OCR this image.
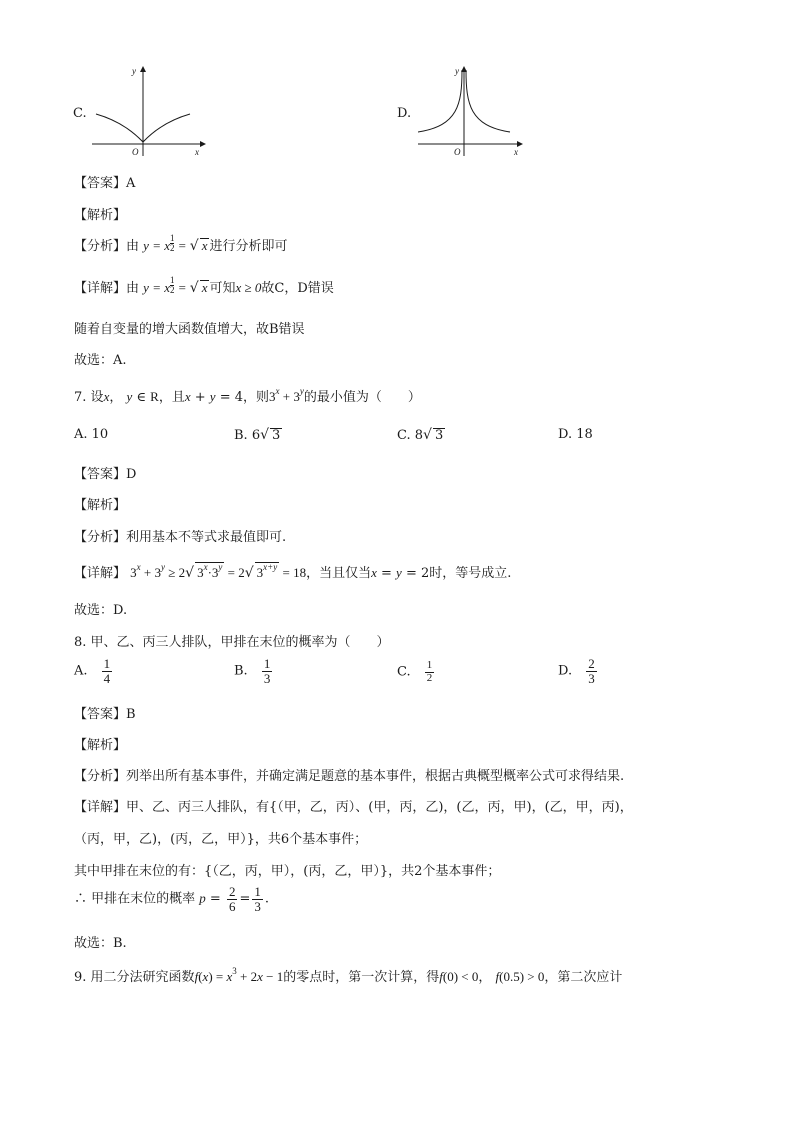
C.
y
x
O
D.
y
x
O
【答案】A
【解析】
【分析】由 y = x $\frac{1}{2}$ = √ x 进行分析即可
【详解】由 y = x $\frac{1}{2}$ = √ x 可知x ≥ 0故C，D错误
随着自变量的增大函数值增大，故B错误
故选：A.
7. 设x， y ∈ R，且x + y = 4，则$3^x + 3^y$的最小值为（　　）
A. 10	B. 6√ 3	C. 8√ 3	D. 18
【答案】D
【解析】
【分析】利用基本不等式求最值即可.
【详解】 $3^x + 3^y \ge 2√$ $3^x\cdot 3^y = 2√$ $3^{x+y} = 18$，当且仅当x = y = 2时，等号成立.
故选：D.
8. 甲、乙、丙三人排队，甲排在末位的概率为（　　）
A. $\frac{1}{4}$	B. $\frac{1}{3}$	C. $\frac{1}{2}$	D. $\frac{2}{3}$
【答案】B
【解析】
【分析】列举出所有基本事件，并确定满足题意的基本事件，根据古典概型概率公式可求得结果.
【详解】甲、乙、丙三人排队，有{（甲，乙，丙）、(甲，丙，乙)，(乙，丙，甲)，(乙，甲，丙)，
（丙，甲，乙)，(丙，乙，甲）}，共6个基本事件；
其中甲排在末位的有：{（乙，丙，甲），(丙，乙，甲）}，共2个基本事件；
∴ 甲排在末位的概率 $p = \frac{2}{6} = \frac{1}{3}$ .
故选：B.
9. 用二分法研究函数$f(x) = x^3 + 2x - 1$的零点时，第一次计算，得f(0) < 0， f(0.5) > 0，第二次应计
